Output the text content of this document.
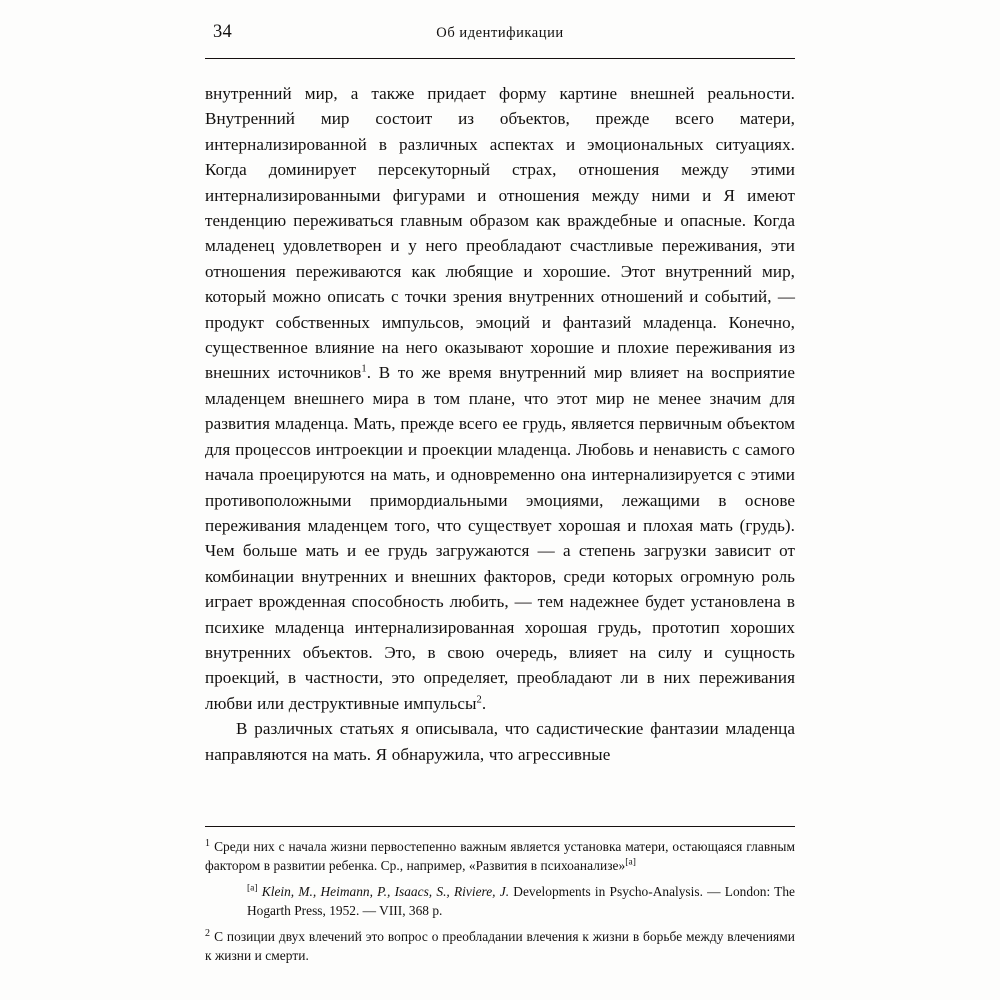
34	Об идентификации

внутренний мир, а также придает форму картине внешней реальности. Внутренний мир состоит из объектов, прежде всего матери, интернализированной в различных аспектах и эмоциональных ситуациях. Когда доминирует персекуторный страх, отношения между этими интернализированными фигурами и отношения между ними и Я имеют тенденцию переживаться главным образом как враждебные и опасные. Когда младенец удовлетворен и у него преобладают счастливые переживания, эти отношения переживаются как любящие и хорошие. Этот внутренний мир, который можно описать с точки зрения внутренних отношений и событий, — продукт собственных импульсов, эмоций и фантазий младенца. Конечно, существенное влияние на него оказывают хорошие и плохие переживания из внешних источников$^1$. В то же время внутренний мир влияет на восприятие младенцем внешнего мира в том плане, что этот мир не менее значим для развития младенца. Мать, прежде всего ее грудь, является первичным объектом для процессов интроекции и проекции младенца. Любовь и ненависть с самого начала проецируются на мать, и одновременно она интернализируется с этими противоположными примордиальными эмоциями, лежащими в основе переживания младенцем того, что существует хорошая и плохая мать (грудь). Чем больше мать и ее грудь загружаются — а степень загрузки зависит от комбинации внутренних и внешних факторов, среди которых огромную роль играет врожденная способность любить, — тем надежнее будет установлена в психике младенца интернализированная хорошая грудь, прототип хороших внутренних объектов. Это, в свою очередь, влияет на силу и сущность проекций, в частности, это определяет, преобладают ли в них переживания любви или деструктивные импульсы$^2$.

В различных статьях я описывала, что садистические фантазии младенца направляются на мать. Я обнаружила, что агрессивные

$^1$ Среди них с начала жизни первостепенно важным является установка матери, остающаяся главным фактором в развитии ребенка. Ср., например, «Развития в психоанализе»[a]
[a] Klein, M., Heimann, P., Isaacs, S., Riviere, J. Developments in Psycho-Analysis. — London: The Hogarth Press, 1952. — VIII, 368 p.
$^2$ С позиции двух влечений это вопрос о преобладании влечения к жизни в борьбе между влечениями к жизни и смерти.
